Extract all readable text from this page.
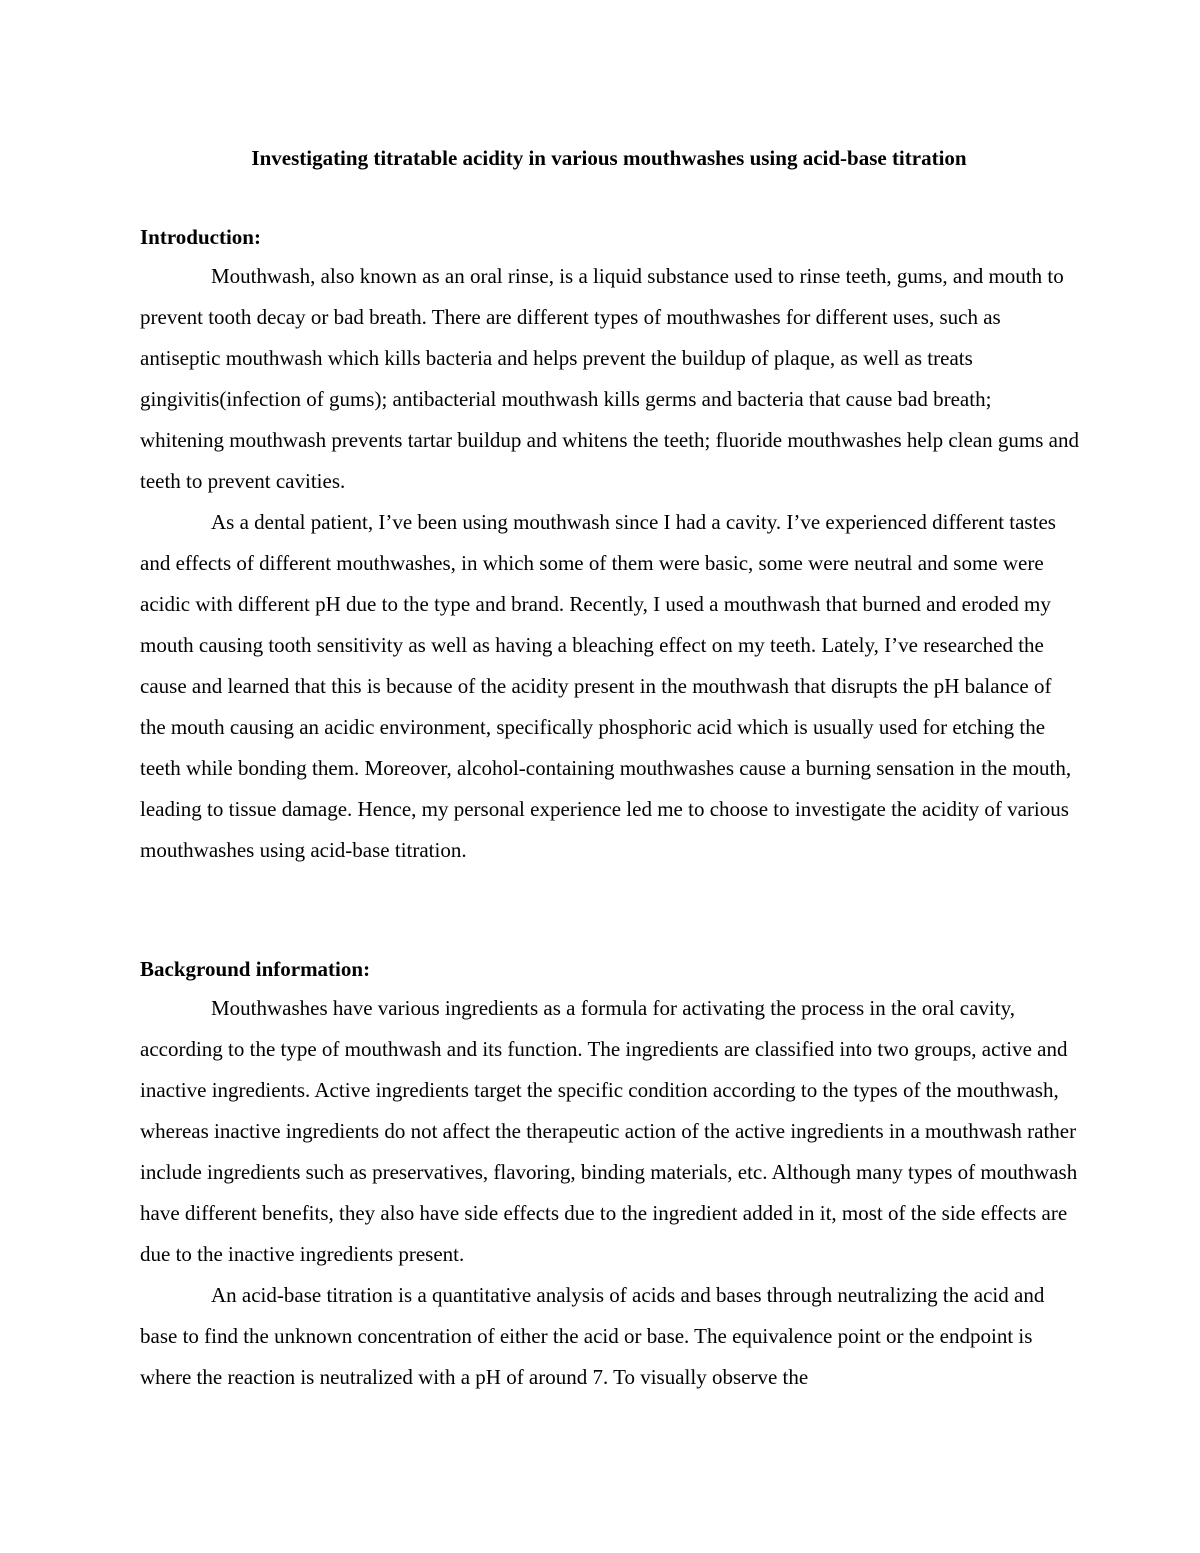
Investigating titratable acidity in various mouthwashes using acid-base titration
Introduction:

Mouthwash, also known as an oral rinse, is a liquid substance used to rinse teeth, gums, and mouth to prevent tooth decay or bad breath. There are different types of mouthwashes for different uses, such as antiseptic mouthwash which kills bacteria and helps prevent the buildup of plaque, as well as treats gingivitis(infection of gums); antibacterial mouthwash kills germs and bacteria that cause bad breath; whitening mouthwash prevents tartar buildup and whitens the teeth; fluoride mouthwashes help clean gums and teeth to prevent cavities.

As a dental patient, I’ve been using mouthwash since I had a cavity. I’ve experienced different tastes and effects of different mouthwashes, in which some of them were basic, some were neutral and some were acidic with different pH due to the type and brand. Recently, I used a mouthwash that burned and eroded my mouth causing tooth sensitivity as well as having a bleaching effect on my teeth. Lately, I’ve researched the cause and learned that this is because of the acidity present in the mouthwash that disrupts the pH balance of the mouth causing an acidic environment, specifically phosphoric acid which is usually used for etching the teeth while bonding them. Moreover, alcohol-containing mouthwashes cause a burning sensation in the mouth, leading to tissue damage. Hence, my personal experience led me to choose to investigate the acidity of various mouthwashes using acid-base titration.

Background information:

Mouthwashes have various ingredients as a formula for activating the process in the oral cavity, according to the type of mouthwash and its function. The ingredients are classified into two groups, active and inactive ingredients. Active ingredients target the specific condition according to the types of the mouthwash, whereas inactive ingredients do not affect the therapeutic action of the active ingredients in a mouthwash rather include ingredients such as preservatives, flavoring, binding materials, etc. Although many types of mouthwash have different benefits, they also have side effects due to the ingredient added in it, most of the side effects are due to the inactive ingredients present.

An acid-base titration is a quantitative analysis of acids and bases through neutralizing the acid and base to find the unknown concentration of either the acid or base. The equivalence point or the endpoint is where the reaction is neutralized with a pH of around 7. To visually observe the
